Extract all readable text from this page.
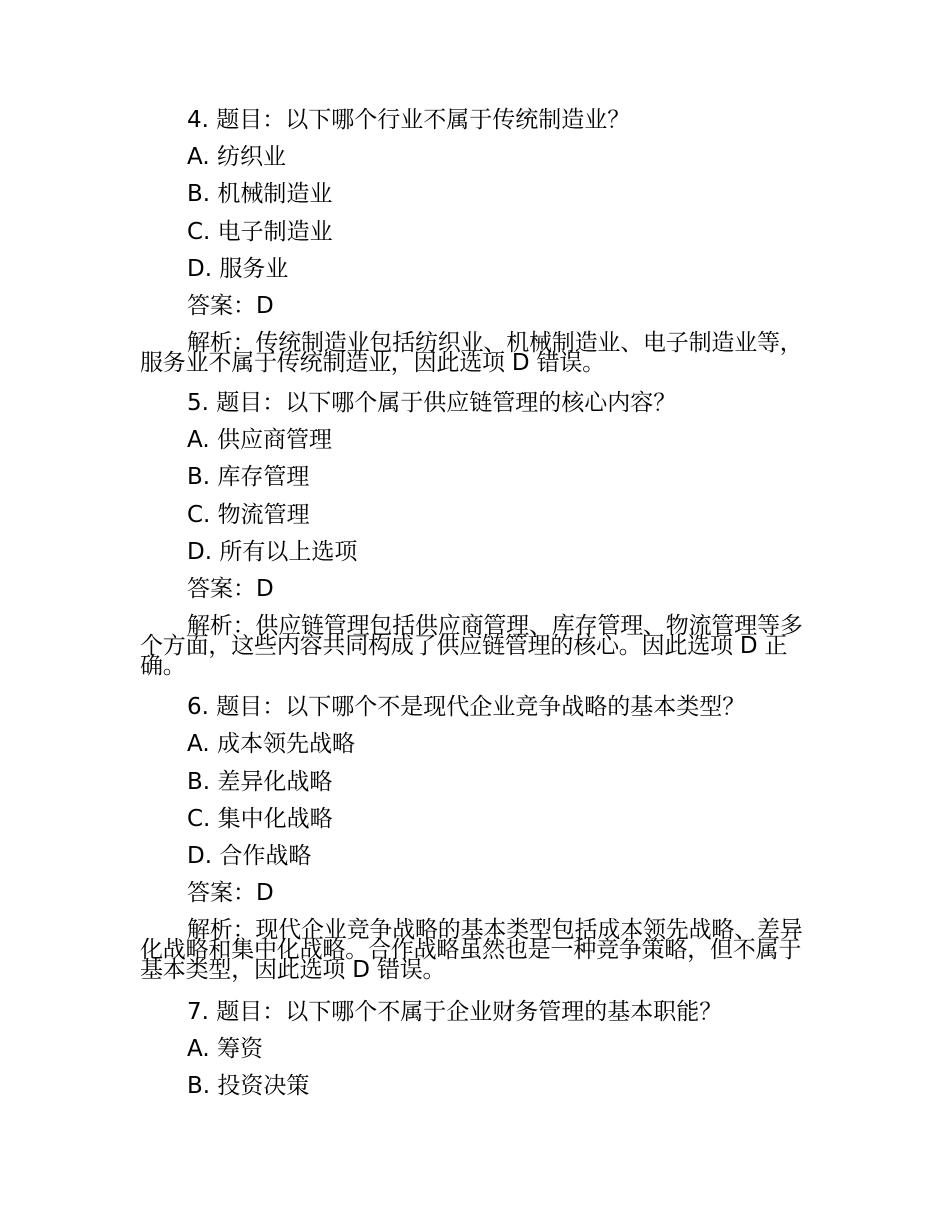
4. 题目：以下哪个行业不属于传统制造业？
A. 纺织业
B. 机械制造业
C. 电子制造业
D. 服务业
答案：D
解析：传统制造业包括纺织业、机械制造业、电子制造业等，服务业不属于传统制造业，因此选项 D 错误。
5. 题目：以下哪个属于供应链管理的核心内容？
A. 供应商管理
B. 库存管理
C. 物流管理
D. 所有以上选项
答案：D
解析：供应链管理包括供应商管理、库存管理、物流管理等多个方面，这些内容共同构成了供应链管理的核心。因此选项 D 正确。
6. 题目：以下哪个不是现代企业竞争战略的基本类型？
A. 成本领先战略
B. 差异化战略
C. 集中化战略
D. 合作战略
答案：D
解析：现代企业竞争战略的基本类型包括成本领先战略、差异化战略和集中化战略。合作战略虽然也是一种竞争策略，但不属于基本类型，因此选项 D 错误。
7. 题目：以下哪个不属于企业财务管理的基本职能？
A. 筹资
B. 投资决策
